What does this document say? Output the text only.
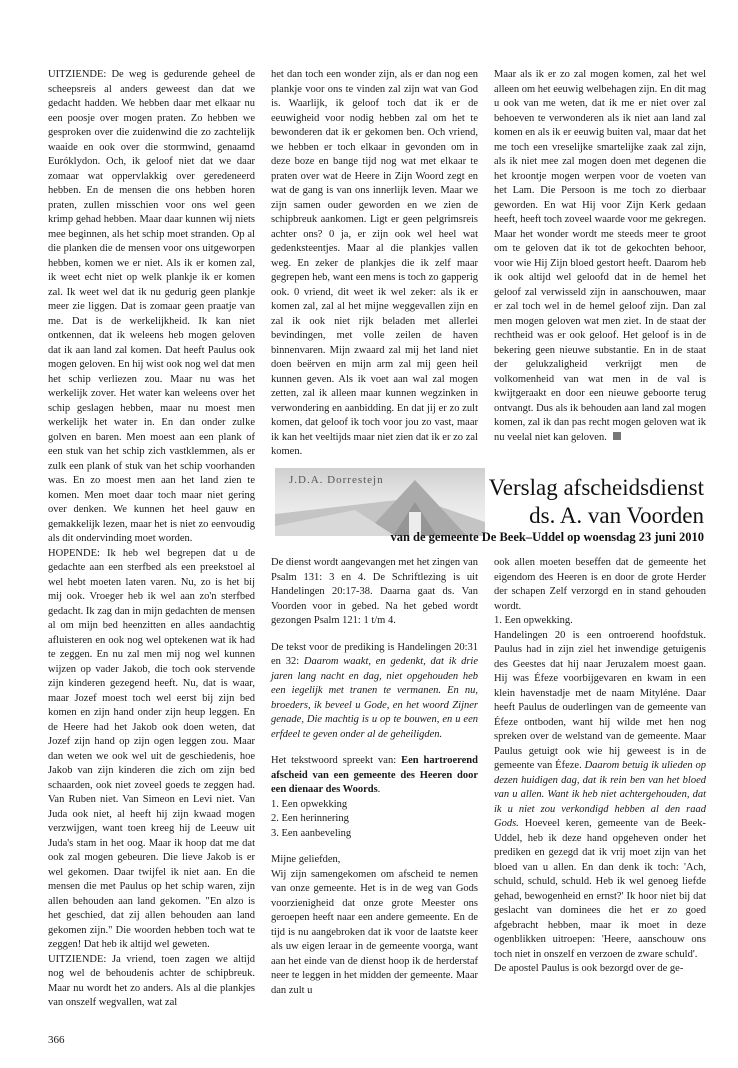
UITZIENDE: De weg is gedurende geheel de scheepsreis al anders geweest dan dat we gedacht hadden. We hebben daar met elkaar nu een poosje over mogen praten. Zo hebben we gesproken over die zuidenwind die zo zachtelijk waaide en ook over die stormwind, genaamd Euróklydon. Och, ik geloof niet dat we daar zomaar wat oppervlakkig over geredeneerd hebben. En de mensen die ons hebben horen praten, zullen misschien voor ons wel geen krimp gehad hebben. Maar daar kunnen wij niets mee beginnen, als het schip moet stranden. Op al die planken die de mensen voor ons uitgeworpen hebben, komen we er niet. Als ik er komen zal, ik weet echt niet op welk plankje ik er komen zal. Ik weet wel dat ik nu gedurig geen plankje meer zie liggen. Dat is zomaar geen praatje van me. Dat is de werkelijkheid. Ik kan niet ontkennen, dat ik weleens heb mogen geloven dat ik aan land zal komen. Dat heeft Paulus ook mogen geloven. En hij wist ook nog wel dat men het schip verliezen zou. Maar nu was het werkelijk zover. Het water kan weleens over het schip geslagen hebben, maar nu moest men werkelijk het water in. En dan onder zulke golven en baren. Men moest aan een plank of een stuk van het schip zich vastklemmen, als er zulk een plank of stuk van het schip voorhanden was. En zo moest men aan het land zien te komen. Men moet daar toch maar niet gering over denken. We kunnen het heel gauw en gemakkelijk lezen, maar het is niet zo eenvoudig als dit ondervinding moet worden.

HOPENDE: Ik heb wel begrepen dat u de gedachte aan een sterfbed als een preekstoel al wel hebt moeten laten varen. Nu, zo is het bij mij ook. Vroeger heb ik wel aan zo'n sterfbed gedacht. Ik zag dan in mijn gedachten de mensen al om mijn bed heenzitten en alles aandachtig afluisteren en ook nog wel optekenen wat ik had te zeggen. En nu zal men mij nog wel kunnen wijzen op vader Jakob, die toch ook stervende zijn kinderen gezegend heeft. Nu, dat is waar, maar Jozef moest toch wel eerst bij zijn bed komen en zijn hand onder zijn heup leggen. En de Heere had het Jakob ook doen weten, dat Jozef zijn hand op zijn ogen leggen zou. Maar dan weten we ook wel uit de geschiedenis, hoe Jakob van zijn kinderen die zich om zijn bed schaarden, ook niet zoveel goeds te zeggen had. Van Ruben niet. Van Simeon en Levi niet. Van Juda ook niet, al heeft hij zijn kwaad mogen verzwijgen, want toen kreeg hij de Leeuw uit Juda's stam in het oog. Maar ik hoop dat me dat ook zal mogen gebeuren. Die lieve Jakob is er wel gekomen. Daar twijfel ik niet aan. En die mensen die met Paulus op het schip waren, zijn allen behouden aan land gekomen. "En alzo is het geschied, dat zij allen behouden aan land gekomen zijn." Die woorden hebben toch wat te zeggen! Dat heb ik altijd wel geweten.

UITZIENDE: Ja vriend, toen zagen we altijd nog wel de behoudenis achter de schipbreuk. Maar nu wordt het zo anders. Als al die plankjes van onszelf wegvallen, wat zal

het dan toch een wonder zijn, als er dan nog een plankje voor ons te vinden zal zijn wat van God is. Waarlijk, ik geloof toch dat ik er de eeuwigheid voor nodig hebben zal om het te bewonderen dat ik er gekomen ben. Och vriend, we hebben er toch elkaar in gevonden om in deze boze en bange tijd nog wat met elkaar te praten over wat de Heere in Zijn Woord zegt en wat de gang is van ons innerlijk leven. Maar we zijn samen ouder geworden en we zien de schipbreuk aankomen. Ligt er geen pelgrimsreis achter ons? 0 ja, er zijn ook wel heel wat gedenksteentjes. Maar al die plankjes vallen weg. En zeker de plankjes die ik zelf maar gegrepen heb, want een mens is toch zo gapperig ook. 0 vriend, dit weet ik wel zeker: als ik er komen zal, zal al het mijne weggevallen zijn en zal ik ook niet rijk beladen met allerlei bevindingen, met volle zeilen de haven binnenvaren. Mijn zwaard zal mij het land niet doen beërven en mijn arm zal mij geen heil kunnen geven. Als ik voet aan wal zal mogen zetten, zal ik alleen maar kunnen wegzinken in verwondering en aanbidding. En dat jij er zo zult komen, dat geloof ik toch voor jou zo vast, maar ik kan het veeltijds maar niet zien dat ik er zo zal komen.

Maar als ik er zo zal mogen komen, zal het wel alleen om het eeuwig welbehagen zijn. En dit mag u ook van me weten, dat ik me er niet over zal behoeven te verwonderen als ik niet aan land zal komen en als ik er eeuwig buiten val, maar dat het me toch een vreselijke smartelijke zaak zal zijn, als ik niet mee zal mogen doen met degenen die het kroontje mogen werpen voor de voeten van het Lam. Die Persoon is me toch zo dierbaar geworden. En wat Hij voor Zijn Kerk gedaan heeft, heeft toch zoveel waarde voor me gekregen. Maar het wonder wordt me steeds meer te groot om te geloven dat ik tot de gekochten behoor, voor wie Hij Zijn bloed gestort heeft. Daarom heb ik ook altijd wel geloofd dat in de hemel het geloof zal verwisseld zijn in aanschouwen, maar er zal toch wel in de hemel geloof zijn. Dan zal men mogen geloven wat men ziet. In de staat der rechtheid was er ook geloof. Het geloof is in de bekering geen nieuwe substantie. En in de staat der gelukzaligheid verkrijgt men de volkomenheid van wat men in de val is kwijtgeraakt en door een nieuwe geboorte terug ontvangt. Dus als ik behouden aan land zal mogen komen, zal ik dan pas recht mogen geloven wat ik nu veelal niet kan geloven.

J.D.A. Dorrestejn	Verslag afscheidsdienst
ds. A. van Voorden
van de gemeente De Beek–Uddel op woensdag 23 juni 2010

De dienst wordt aangevangen met het zingen van Psalm 131: 3 en 4. De Schriftlezing is uit Handelingen 20:17-38. Daarna gaat ds. Van Voorden voor in gebed. Na het gebed wordt gezongen Psalm 121: 1 t/m 4.

De tekst voor de prediking is Handelingen 20:31 en 32: Daarom waakt, en gedenkt, dat ik drie jaren lang nacht en dag, niet opgehouden heb een iegelijk met tranen te vermanen. En nu, broeders, ik beveel u Gode, en het woord Zijner genade, Die machtig is u op te bouwen, en u een erfdeel te geven onder al de geheiligden.

Het tekstwoord spreekt van: Een hartroerend afscheid van een gemeente des Heeren door een dienaar des Woords.

1. Een opwekking
2. Een herinnering
3. Een aanbeveling

Mijne geliefden,

Wij zijn samengekomen om afscheid te nemen van onze gemeente. Het is in de weg van Gods voorzienigheid dat onze grote Meester ons geroepen heeft naar een andere gemeente. En de tijd is nu aangebroken dat ik voor de laatste keer als uw eigen leraar in de gemeente voorga, want aan het einde van de dienst hoop ik de herderstaf neer te leggen in het midden der gemeente. Maar dan zult u

ook allen moeten beseffen dat de gemeente het eigendom des Heeren is en door de grote Herder der schapen Zelf verzorgd en in stand gehouden wordt.

1. Een opwekking.

Handelingen 20 is een ontroerend hoofdstuk. Paulus had in zijn ziel het inwendige getuigenis des Geestes dat hij naar Jeruzalem moest gaan. Hij was Éfeze voorbijgevaren en kwam in een klein havenstadje met de naam Mityléne. Daar heeft Paulus de ouderlingen van de gemeente van Éfeze ontboden, want hij wilde met hen nog spreken over de welstand van de gemeente. Maar Paulus getuigt ook wie hij geweest is in de gemeente van Éfeze. Daarom betuig ik ulieden op dezen huidigen dag, dat ik rein ben van het bloed van u allen. Want ik heb niet achtergehouden, dat ik u niet zou verkondigd hebben al den raad Gods. Hoeveel keren, gemeente van de Beek-Uddel, heb ik deze hand opgeheven onder het prediken en gezegd dat ik vrij moet zijn van het bloed van u allen. En dan denk ik toch: 'Ach, schuld, schuld, schuld. Heb ik wel genoeg liefde gehad, bewogenheid en ernst?' Ik hoor niet bij dat geslacht van dominees die het er zo goed afgebracht hebben, maar ik moet in deze ogenblikken uitroepen: 'Heere, aanschouw ons toch niet in onszelf en verzoen de zware schuld'.

De apostel Paulus is ook bezorgd over de ge-

366
